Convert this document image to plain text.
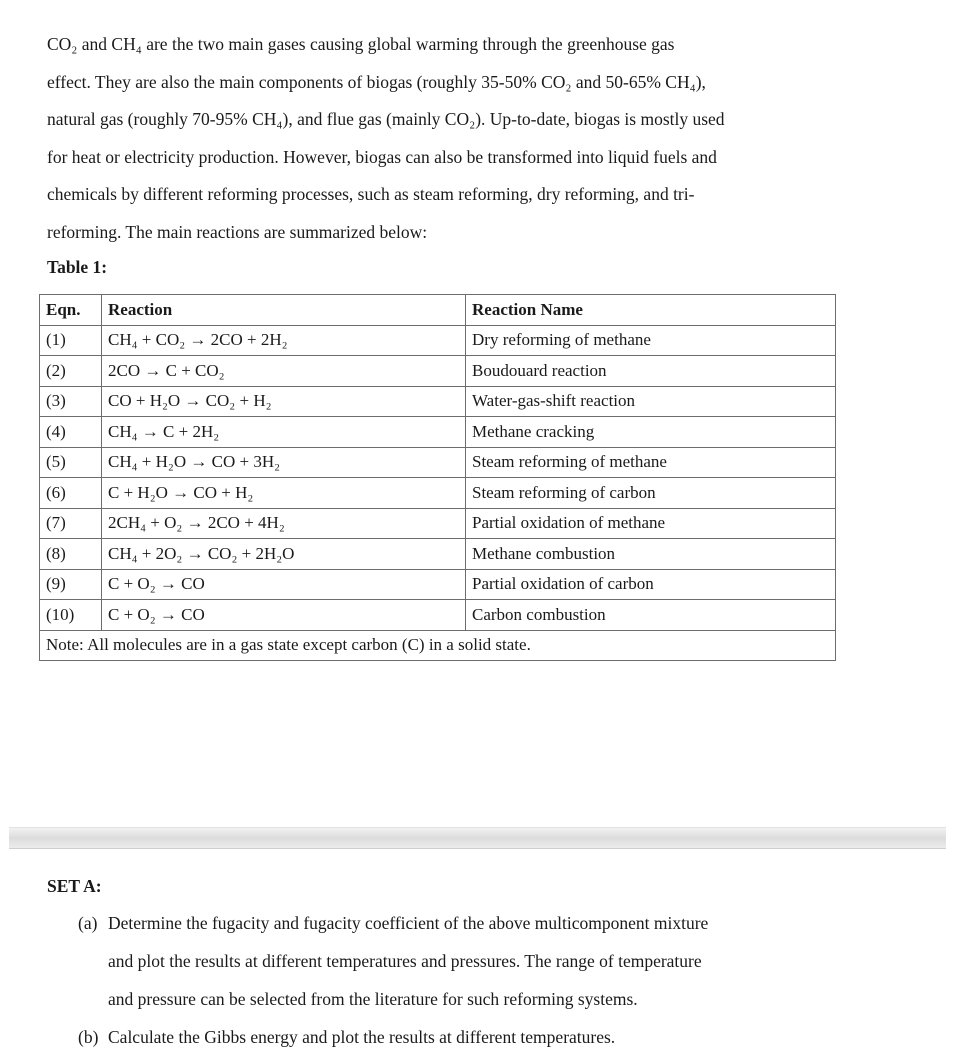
CO₂ and CH₄ are the two main gases causing global warming through the greenhouse gas
effect. They are also the main components of biogas (roughly 35-50% CO₂ and 50-65% CH₄),
natural gas (roughly 70-95% CH₄), and flue gas (mainly CO₂). Up-to-date, biogas is mostly used
for heat or electricity production. However, biogas can also be transformed into liquid fuels and
chemicals by different reforming processes, such as steam reforming, dry reforming, and tri-
reforming. The main reactions are summarized below:
Table 1:
Eqn.	Reaction	Reaction Name
(1)	CH₄ + CO₂ → 2CO + 2H₂	Dry reforming of methane
(2)	2CO → C + CO₂	Boudouard reaction
(3)	CO + H₂O → CO₂ + H₂	Water-gas-shift reaction
(4)	CH₄ → C + 2H₂	Methane cracking
(5)	CH₄ + H₂O → CO + 3H₂	Steam reforming of methane
(6)	C + H₂O → CO + H₂	Steam reforming of carbon
(7)	2CH₄ + O₂ → 2CO + 4H₂	Partial oxidation of methane
(8)	CH₄ + 2O₂ → CO₂ + 2H₂O	Methane combustion
(9)	C + O₂ → CO	Partial oxidation of carbon
(10)	C + O₂ → CO	Carbon combustion
Note: All molecules are in a gas state except carbon (C) in a solid state.		
SET A:
(a) Determine the fugacity and fugacity coefficient of the above multicomponent mixture
and plot the results at different temperatures and pressures. The range of temperature
and pressure can be selected from the literature for such reforming systems.
(b) Calculate the Gibbs energy and plot the results at different temperatures.
